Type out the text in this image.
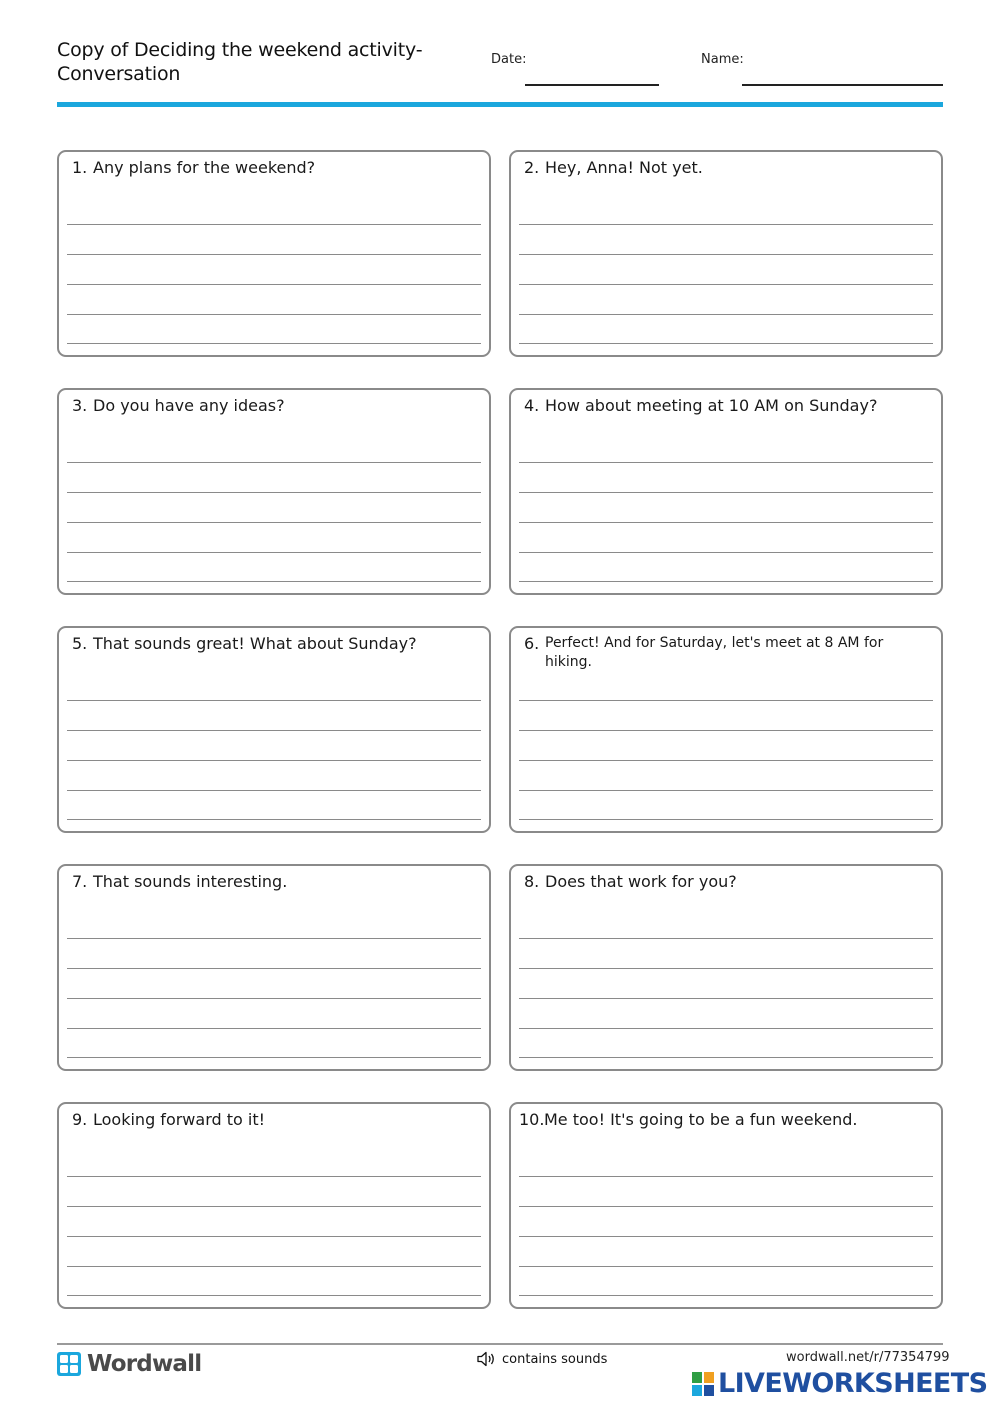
Copy of Deciding the weekend activity- Conversation
Date:	Name:
1. Any plans for the weekend?	2. Hey, Anna! Not yet.
3. Do you have any ideas?	4. How about meeting at 10 AM on Sunday?
5. That sounds great! What about Sunday?	6. Perfect! And for Saturday, let's meet at 8 AM for hiking.
7. That sounds interesting.	8. Does that work for you?
9. Looking forward to it!	10. Me too! It's going to be a fun weekend.
Wordwall	contains sounds	wordwall.net/r/77354799
LIVEWORKSHEETS
